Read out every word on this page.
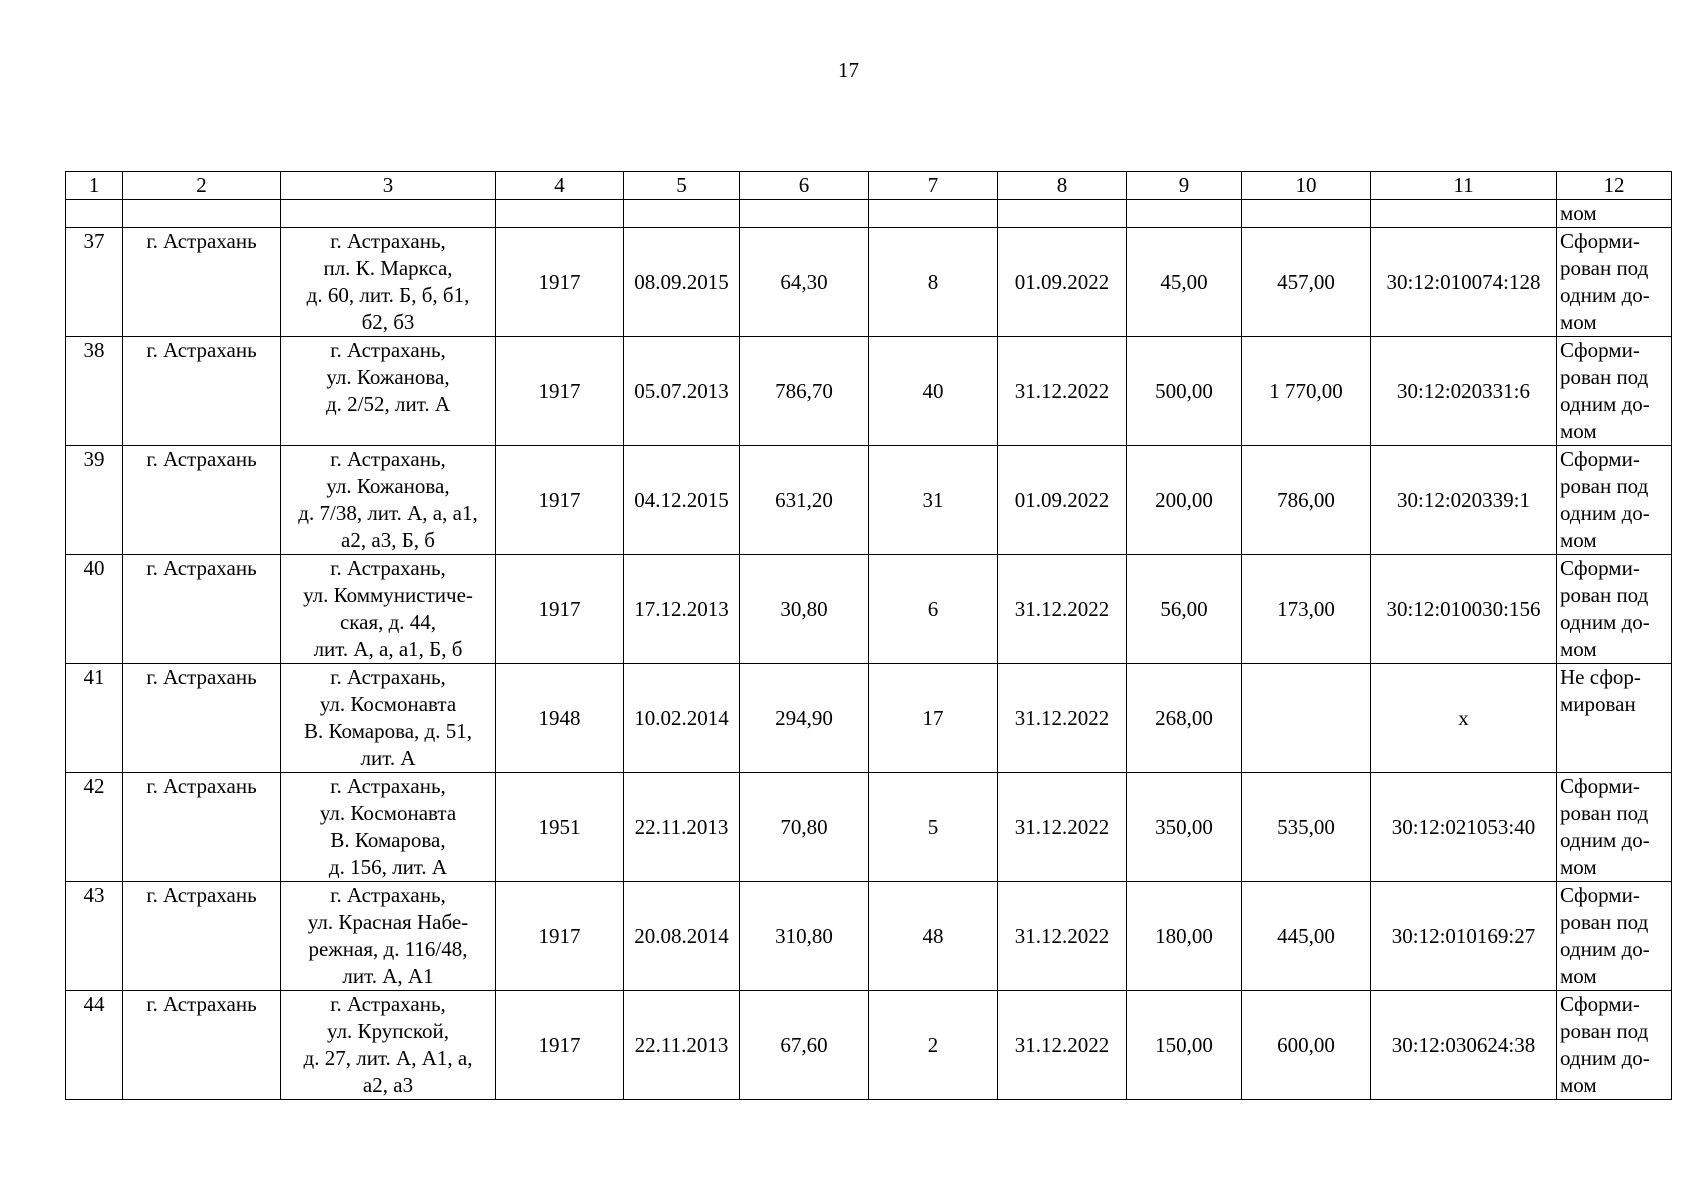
17
1	2	3	4	5	6	7	8	9	10	11	12
											мом
37	г. Астрахань	г. Астрахань,
пл. К. Маркса,
д. 60, лит. Б, б, б1,
б2, б3	1917	08.09.2015	64,30	8	01.09.2022	45,00	457,00	30:12:010074:128	Сформи-
рован под
одним до-
мом

38	г. Астрахань	г. Астрахань,
ул. Кожанова,
д. 2/52, лит. А	1917	05.07.2013	786,70	40	31.12.2022	500,00	1 770,00	30:12:020331:6	Сформи-
рован под
одним до-
мом

39	г. Астрахань	г. Астрахань,
ул. Кожанова,
д. 7/38, лит. А, а, а1,
а2, а3, Б, б	1917	04.12.2015	631,20	31	01.09.2022	200,00	786,00	30:12:020339:1	Сформи-
рован под
одним до-
мом

40	г. Астрахань	г. Астрахань,
ул. Коммунистиче-
ская, д. 44,
лит. А, а, а1, Б, б	1917	17.12.2013	30,80	6	31.12.2022	56,00	173,00	30:12:010030:156	Сформи-
рован под
одним до-
мом

41	г. Астрахань	г. Астрахань,
ул. Космонавта
В. Комарова, д. 51,
лит. А	1948	10.02.2014	294,90	17	31.12.2022	268,00		х	Не сфор-
мирован

42	г. Астрахань	г. Астрахань,
ул. Космонавта
В. Комарова,
д. 156, лит. А	1951	22.11.2013	70,80	5	31.12.2022	350,00	535,00	30:12:021053:40	Сформи-
рован под
одним до-
мом

43	г. Астрахань	г. Астрахань,
ул. Красная Набе-
режная, д. 116/48,
лит. А, А1	1917	20.08.2014	310,80	48	31.12.2022	180,00	445,00	30:12:010169:27	Сформи-
рован под
одним до-
мом

44	г. Астрахань	г. Астрахань,
ул. Крупской,
д. 27, лит. А, А1, а,
а2, а3	1917	22.11.2013	67,60	2	31.12.2022	150,00	600,00	30:12:030624:38	Сформи-
рован под
одним до-
мом
